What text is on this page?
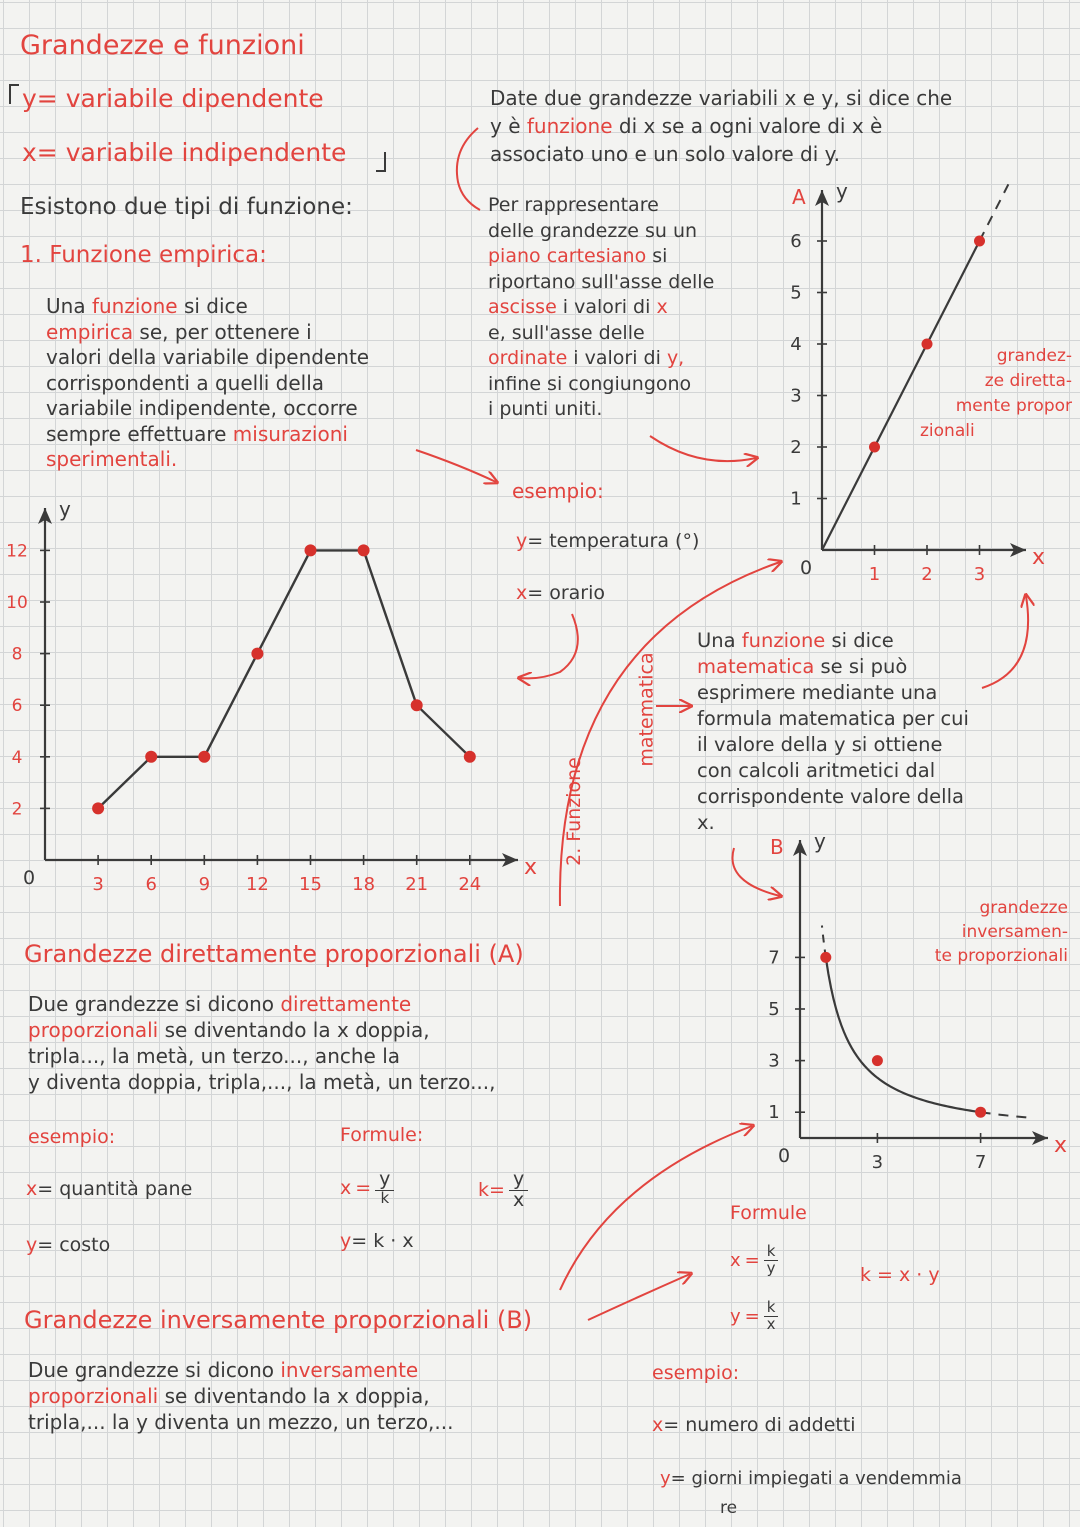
Grandezze e funzioni
y= variabile dipendente
x= variabile indipendente
Esistono due tipi di funzione:
1. Funzione empirica:
Una funzione si dice
empirica se, per ottenere i
valori della variabile dipendente
corrispondenti a quelli della
variabile indipendente, occorre
sempre effettuare misurazioni
sperimentali.
Date due grandezze variabili x e y, si dice che
y è funzione di x se a ogni valore di x è
associato uno e un solo valore di y.
Per rappresentare
delle grandezze su un
piano cartesiano si
riportano sull'asse delle
ascisse i valori di x
e, sull'asse delle
ordinate i valori di y,
infine si congiungono
i punti uniti.
Una funzione si dice
matematica se si può
esprimere mediante una
formula matematica per cui
il valore della y si ottiene
con calcoli aritmetici dal
corrispondente valore della
x.
Due grandezze si dicono direttamente
proporzionali se diventando la x doppia,
tripla..., la metà, un terzo..., anche la
y diventa doppia, tripla,..., la metà, un terzo...,
Due grandezze si dicono inversamente
proporzionali se diventando la x doppia,
tripla,... la y diventa un mezzo, un terzo,...
esempio:
y= temperatura (°)
x= orario
2. Funzione
matematica
grandez-
ze diretta-
mente propor
zionali
grandezze
inversamen-
te proporzionali
Grandezze direttamente proporzionali (A)
esempio:
x= quantità pane
y= costo
Formule:
x = y
k	$k= \frac{y}{x}$
y= k · x
Grandezze inversamente proporzionali (B)
Formule
$x = \frac{k}{y}$
$y = \frac{k}{x}$
k = x · y
esempio:
x= numero di addetti
y= giorni impiegati a vendemmia
re
x
y
0	3 6 9 12 15 18 21 24
2
4
6
8
10
12	x
y
0
A
1 2 3
1
2
3
4
5
6
x
y
0
B
3	7
1
3
5
7
